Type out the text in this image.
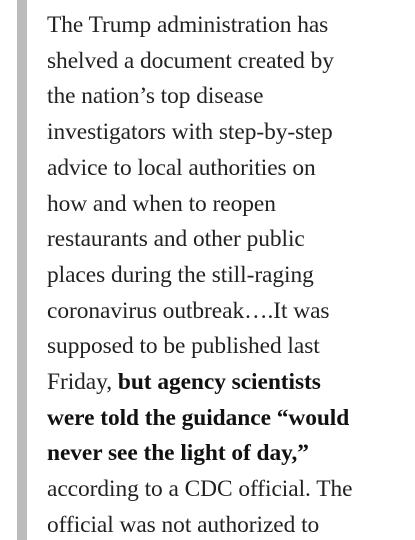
The Trump administration has
shelved a document created by
the nation’s top disease
investigators with step-by-step
advice to local authorities on
how and when to reopen
restaurants and other public
places during the still-raging
coronavirus outbreak….It was
supposed to be published last
Friday, but agency scientists
were told the guidance “would
never see the light of day,”
according to a CDC official. The
official was not authorized to
